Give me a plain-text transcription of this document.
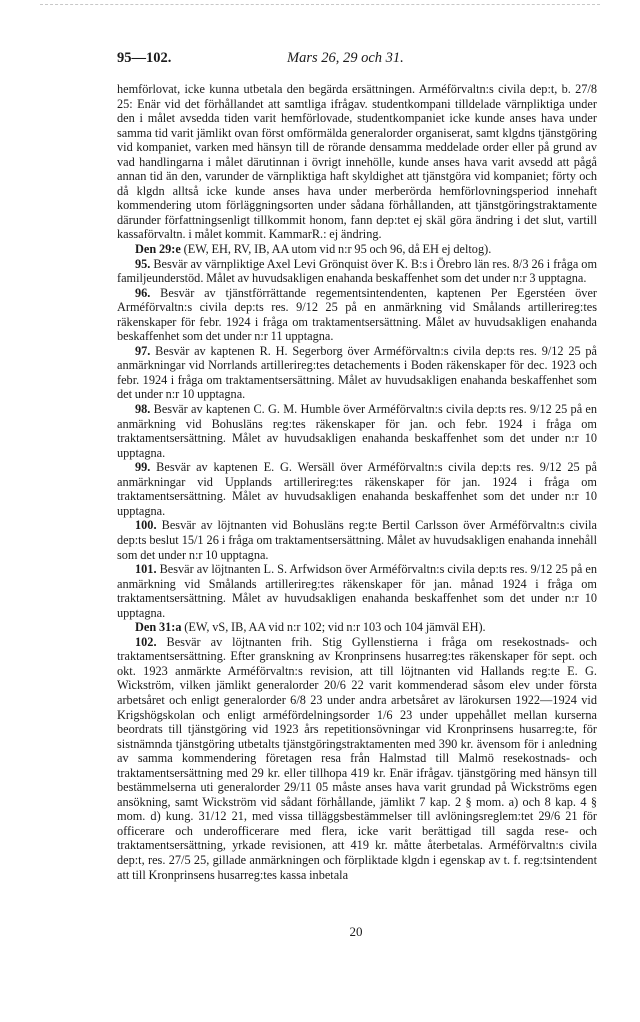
95—102.	Mars 26, 29 och 31.

hemförlovat, icke kunna utbetala den begärda ersättningen. Arméförvaltn:s civila dep:t, b. 27/8 25: Enär vid det förhållandet att samtliga ifrågav. studentkompani tilldelade värnpliktiga under den i målet avsedda tiden varit hemförlovade, studentkompaniet icke kunde anses hava under samma tid varit jämlikt ovan först omförmälda generalorder organiserat, samt klgdns tjänstgöring vid kompaniet, varken med hänsyn till de rörande densamma meddelade order eller på grund av vad handlingarna i målet därutinnan i övrigt innehölle, kunde anses hava varit avsedd att pågå annan tid än den, varunder de värnpliktiga haft skyldighet att tjänstgöra vid kompaniet; förty och då klgdn alltså icke kunde anses hava under merberörda hemförlovningsperiod innehaft kommendering utom förläggningsorten under sådana förhållanden, att tjänstgöringstraktamente därunder författningsenligt tillkommit honom, fann dep:tet ej skäl göra ändring i det slut, vartill kassaförvaltn. i målet kommit. KammarR.: ej ändring.

Den 29:e (EW, EH, RV, IB, AA utom vid n:r 95 och 96, då EH ej deltog).

95. Besvär av värnpliktige Axel Levi Grönquist över K. B:s i Örebro län res. 8/3 26 i fråga om familjeunderstöd. Målet av huvudsakligen enahanda beskaffenhet som det under n:r 3 upptagna.

96. Besvär av tjänstförrättande regementsintendenten, kaptenen Per Egerstéen över Arméförvaltn:s civila dep:ts res. 9/12 25 på en anmärkning vid Smålands artillerireg:tes räkenskaper för febr. 1924 i fråga om traktamentsersättning. Målet av huvudsakligen enahanda beskaffenhet som det under n:r 11 upptagna.

97. Besvär av kaptenen R. H. Segerborg över Arméförvaltn:s civila dep:ts res. 9/12 25 på anmärkningar vid Norrlands artillerireg:tes detachements i Boden räkenskaper för dec. 1923 och febr. 1924 i fråga om traktamentsersättning. Målet av huvudsakligen enahanda beskaffenhet som det under n:r 10 upptagna.

98. Besvär av kaptenen C. G. M. Humble över Arméförvaltn:s civila dep:ts res. 9/12 25 på en anmärkning vid Bohusläns reg:tes räkenskaper för jan. och febr. 1924 i fråga om traktamentsersättning. Målet av huvudsakligen enahanda beskaffenhet som det under n:r 10 upptagna.

99. Besvär av kaptenen E. G. Wersäll över Arméförvaltn:s civila dep:ts res. 9/12 25 på anmärkningar vid Upplands artillerireg:tes räkenskaper för jan. 1924 i fråga om traktamentsersättning. Målet av huvudsakligen enahanda beskaffenhet som det under n:r 10 upptagna.

100. Besvär av löjtnanten vid Bohusläns reg:te Bertil Carlsson över Arméförvaltn:s civila dep:ts beslut 15/1 26 i fråga om traktamentsersättning. Målet av huvudsakligen enahanda innehåll som det under n:r 10 upptagna.

101. Besvär av löjtnanten L. S. Arfwidson över Arméförvaltn:s civila dep:ts res. 9/12 25 på en anmärkning vid Smålands artillerireg:tes räkenskaper för jan. månad 1924 i fråga om traktamentsersättning. Målet av huvudsakligen enahanda beskaffenhet som det under n:r 10 upptagna.

Den 31:a (EW, vS, IB, AA vid n:r 102; vid n:r 103 och 104 jämväl EH).

102. Besvär av löjtnanten frih. Stig Gyllenstierna i fråga om resekostnads- och traktamentsersättning. Efter granskning av Kronprinsens husarreg:tes räkenskaper för sept. och okt. 1923 anmärkte Arméförvaltn:s revision, att till löjtnanten vid Hallands reg:te E. G. Wickström, vilken jämlikt generalorder 20/6 22 varit kommenderad såsom elev under första arbetsåret och enligt generalorder 6/8 23 under andra arbetsåret av lärokursen 1922—1924 vid Krigshögskolan och enligt arméfördelningsorder 1/6 23 under uppehållet mellan kurserna beordrats till tjänstgöring vid 1923 års repetitionsövningar vid Kronprinsens husarreg:te, för sistnämnda tjänstgöring utbetalts tjänstgöringstraktamenten med 390 kr. ävensom för i anledning av samma kommendering företagen resa från Halmstad till Malmö resekostnads- och traktamentsersättning med 29 kr. eller tillhopa 419 kr. Enär ifrågav. tjänstgöring med hänsyn till bestämmelserna uti generalorder 29/11 05 måste anses hava varit grundad på Wickströms egen ansökning, samt Wickström vid sådant förhållande, jämlikt 7 kap. 2 § mom. a) och 8 kap. 4 § mom. d) kung. 31/12 21, med vissa tilläggsbestämmelser till avlöningsreglem:tet 29/6 21 för officerare och underofficerare med flera, icke varit berättigad till sagda rese- och traktamentsersättning, yrkade revisionen, att 419 kr. måtte återbetalas. Arméförvaltn:s civila dep:t, res. 27/5 25, gillade anmärkningen och förpliktade klgdn i egenskap av t. f. reg:tsintendent att till Kronprinsens husarreg:tes kassa inbetala

20
